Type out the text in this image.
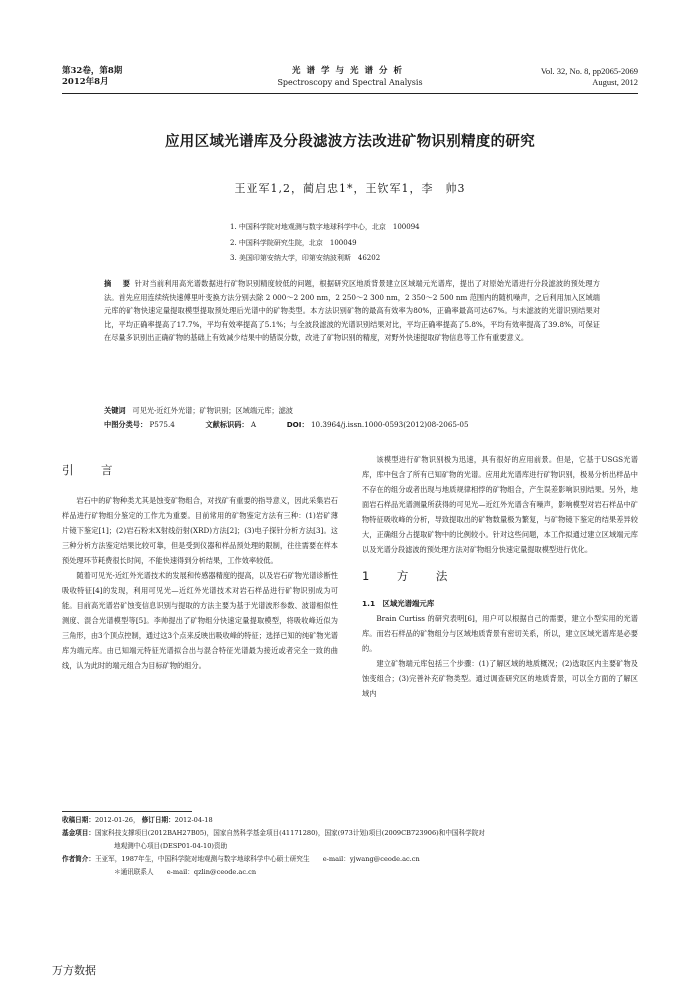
第32卷，第8期
2012年8月
光谱学与光谱分析
Spectroscopy and Spectral Analysis
Vol. 32, No. 8, pp2065-2069
August, 2012
应用区域光谱库及分段滤波方法改进矿物识别精度的研究
王亚军1,2，蔺启忠1*，王钦军1，李　帅3
1. 中国科学院对地观测与数字地球科学中心，北京　100094
2. 中国科学院研究生院，北京　100049
3. 美国印第安纳大学，印第安纳波利斯　46202
摘　要 针对当前利用高光谱数据进行矿物识别精度较低的问题，根据研究区地质背景建立区域端元光谱库，提出了对原始光谱进行分段滤波的预处理方法。首先应用连续统快速傅里叶变换方法分别去除 2 000～2 200 nm，2 250～2 300 nm，2 350～2 500 nm 范围内的随机噪声，之后利用加入区域端元库的矿物快速定量提取模型提取预处理后光谱中的矿物类型。本方法识别矿物的最高有效率为80%，正确率最高可达67%。与未滤波的光谱识别结果对比，平均正确率提高了17.7%，平均有效率提高了5.1%；与全波段滤波的光谱识别结果对比，平均正确率提高了5.8%，平均有效率提高了39.8%，可保证在尽量多识别出正确矿物的基础上有效减少结果中的错误分数，改进了矿物识别的精度，对野外快速提取矿物信息等工作有重要意义。
关键词 可见光-近红外光谱；矿物识别；区域端元库；滤波
中图分类号： P575.4	文献标识码： A	DOI： 10.3964/j.issn.1000-0593(2012)08-2065-05
引　言

岩石中的矿物种类尤其是蚀变矿物组合，对找矿有重要的指导意义，因此采集岩石样品进行矿物组分鉴定的工作尤为重要。目前常用的矿物鉴定方法有三种：(1)岩矿薄片镜下鉴定[1]；(2)岩石粉末X射线衍射(XRD)方法[2]；(3)电子探针分析方法[3]。这三种分析方法鉴定结果比较可靠，但是受到仪器和样品预处理的限制，往往需要在样本预处理环节耗费很长时间，不能快速得到分析结果，工作效率较低。

随着可见光-近红外光谱技术的发展和传感器精度的提高，以及岩石矿物光谱诊断性吸收特征[4]的发现，利用可见光—近红外光谱技术对岩石样品进行矿物识别成为可能。目前高光谱岩矿蚀变信息识别与提取的方法主要为基于光谱波形参数、波谱相似性测度、混合光谱模型等[5]。李帅提出了矿物组分快速定量提取模型，将吸收峰近似为三角形，由3个顶点控制，通过这3个点来反映出吸收峰的特征；选择已知的纯矿物光谱库为端元库。由已知端元特征光谱拟合出与混合特征光谱最为接近或者完全一致的曲线，认为此时的端元组合为目标矿物的组分。

该模型进行矿物识别极为迅速，具有很好的应用前景。但是，它基于USGS光谱库，库中包含了所有已知矿物的光谱。应用此光谱库进行矿物识别，极易分析出样品中不存在的组分或者出现与地质规律相悖的矿物组合，产生误差影响识别结果。另外，地面岩石样品光谱测量所获得的可见光—近红外光谱含有噪声，影响模型对岩石样品中矿物特征吸收峰的分析，导致提取出的矿物数量极为繁复，与矿物镜下鉴定的结果差异较大，正确组分占提取矿物中的比例较小。针对这些问题，本工作拟通过建立区域端元库以及光谱分段滤波的预处理方法对矿物组分快速定量提取模型进行优化。

1　方　法
1.1　区域光谱端元库

Brain Curtiss 的研究表明[6]，用户可以根据自己的需要，建立小型实用的光谱库。而岩石样品的矿物组分与区域地质背景有密切关系，所以，建立区域光谱库是必要的。

建立矿物端元库包括三个步骤：(1)了解区域的地质概况；(2)选取区内主要矿物及蚀变组合；(3)完善补充矿物类型。通过调查研究区的地质背景，可以全方面的了解区域内

收稿日期：2012-01-26， 修订日期：2012-04-18
基金项目：国家科技支撑项目(2012BAH27B05)，国家自然科学基金项目(41171280)，国家(973计划)项目(2009CB723906)和中国科学院对
地观测中心项目(DESP01-04-10)资助
作者简介：王亚军，1987年生，中国科学院对地观测与数字地球科学中心硕士研究生　　e-mail：yjwang@ceode.ac.cn
＊通讯联系人　　e-mail：qzlin@ceode.ac.cn
万方数据
